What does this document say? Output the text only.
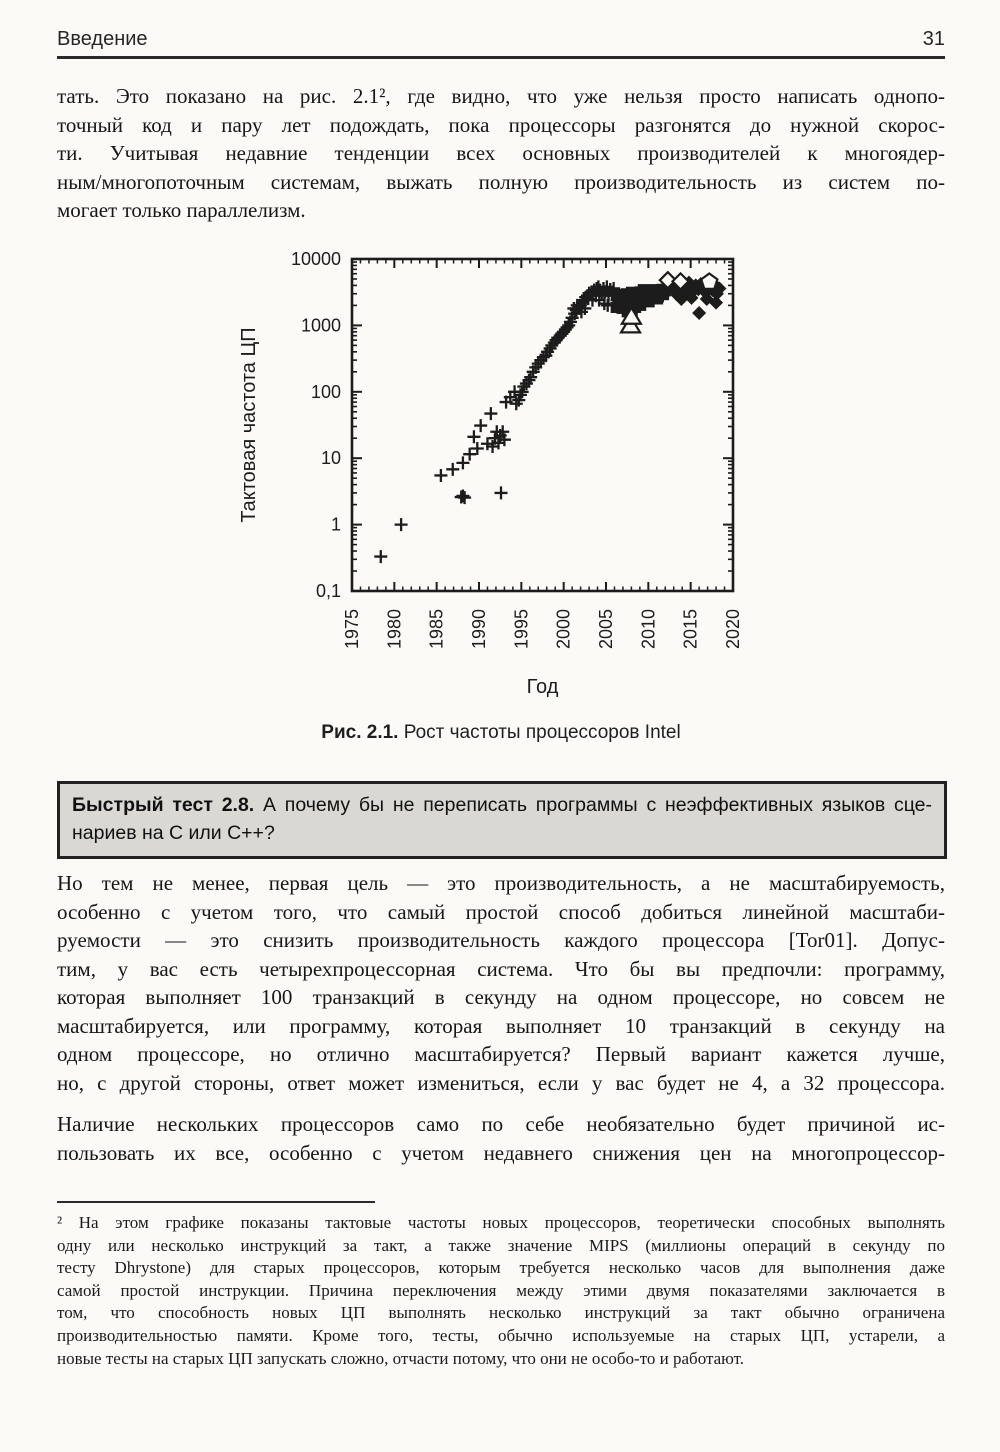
Введение	31
тать. Это показано на рис. 2.1², где видно, что уже нельзя просто написать однопо-
точный код и пару лет подождать, пока процессоры разгонятся до нужной скорос-
ти. Учитывая недавние тенденции всех основных производителей к многоядер-
ным/многопоточным системам, выжать полную производительность из систем по-
могает только параллелизм.
0,1
1
10
100
1000
10000
1975 1980 1985 1990 1995 2000 2005 2010 2015 2020
Тактовая частота ЦП
Год
Рис. 2.1. Рост частоты процессоров Intel
Быстрый тест 2.8. А почему бы не переписать программы с неэффективных языков сце-
нариев на C или C++?
Но тем не менее, первая цель — это производительность, а не масштабируемость,
особенно с учетом того, что самый простой способ добиться линейной масштаби-
руемости — это снизить производительность каждого процессора [Tor01]. Допус-
тим, у вас есть четырехпроцессорная система. Что бы вы предпочли: программу,
которая выполняет 100 транзакций в секунду на одном процессоре, но совсем не
масштабируется, или программу, которая выполняет 10 транзакций в секунду на
одном процессоре, но отлично масштабируется? Первый вариант кажется лучше,
но, с другой стороны, ответ может измениться, если у вас будет не 4, а 32 процессора.
Наличие нескольких процессоров само по себе необязательно будет причиной ис-
пользовать их все, особенно с учетом недавнего снижения цен на многопроцессор-
² На этом графике показаны тактовые частоты новых процессоров, теоретически способных выполнять
одну или несколько инструкций за такт, а также значение MIPS (миллионы операций в секунду по
тесту Dhrystone) для старых процессоров, которым требуется несколько часов для выполнения даже
самой простой инструкции. Причина переключения между этими двумя показателями заключается в
том, что способность новых ЦП выполнять несколько инструкций за такт обычно ограничена
производительностью памяти. Кроме того, тесты, обычно используемые на старых ЦП, устарели, а
новые тесты на старых ЦП запускать сложно, отчасти потому, что они не особо-то и работают.
